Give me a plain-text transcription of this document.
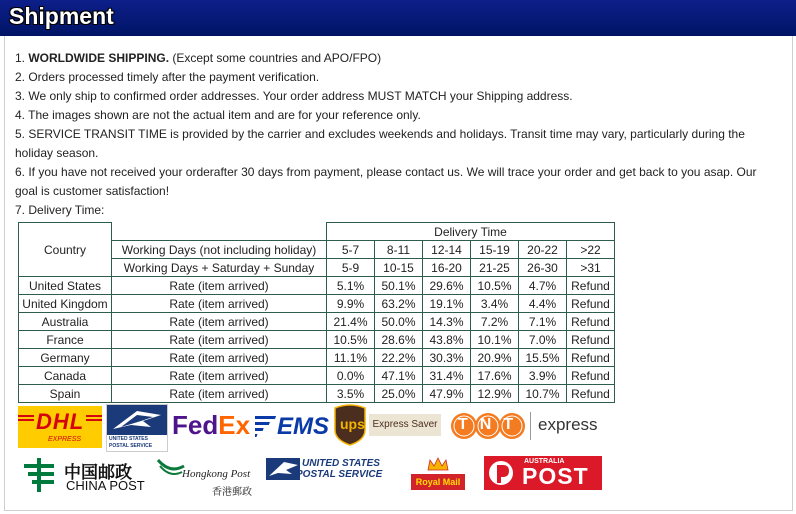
Shipment

1. WORLDWIDE SHIPPING. (Except some countries and APO/FPO)

2. Orders processed timely after the payment verification.

3. We only ship to confirmed order addresses. Your order address MUST MATCH your Shipping address.

4. The images shown are not the actual item and are for your reference only.

5. SERVICE TRANSIT TIME is provided by the carrier and excludes weekends and holidays. Transit time may vary, particularly during the holiday season.

6. If you have not received your orderafter 30 days from payment, please contact us. We will trace your order and get back to you asap. Our goal is customer satisfaction!

7. Delivery Time:

Country		Delivery Time					
	Working Days (not including holiday)	5-7	8-11	12-14	15-19	20-22	>22
	Working Days + Saturday + Sunday	5-9	10-15	16-20	21-25	26-30	>31
United States	Rate (item arrived)	5.1%	50.1%	29.6%	10.5%	4.7%	Refund
United Kingdom	Rate (item arrived)	9.9%	63.2%	19.1%	3.4%	4.4%	Refund
Australia	Rate (item arrived)	21.4%	50.0%	14.3%	7.2%	7.1%	Refund
France	Rate (item arrived)	10.5%	28.6%	43.8%	10.1%	7.0%	Refund
Germany	Rate (item arrived)	11.1%	22.2%	30.3%	20.9%	15.5%	Refund
Canada	Rate (item arrived)	0.0%	47.1%	31.4%	17.6%	3.9%	Refund
Spain	Rate (item arrived)	3.5%	25.0%	47.9%	12.9%	10.7%	Refund
DHL
EXPRESS	UNITED STATES
POSTAL SERVICE
FedEx EMS ups Express Saver TNT express
中国邮政
CHINA POST
Hongkong Post
香港郵政
UNITED STATES
POSTAL SERVICE
Royal Mail
AUSTRALIA
POST
